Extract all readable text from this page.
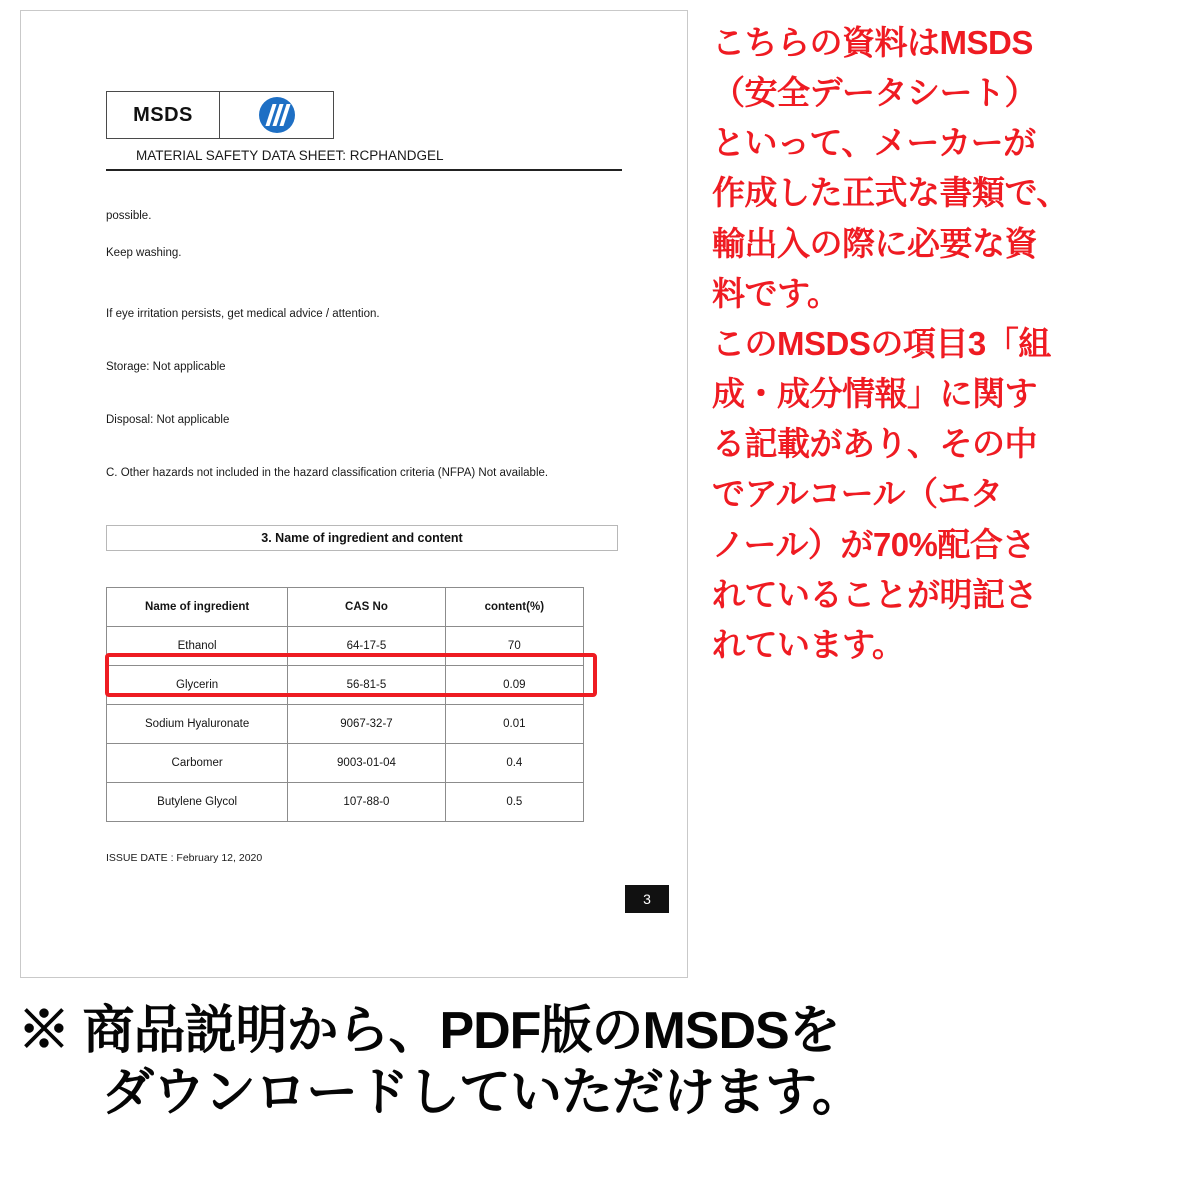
MSDS
MATERIAL SAFETY DATA SHEET: RCPHANDGEL
possible.
Keep washing.
If eye irritation persists, get medical advice / attention.
Storage: Not applicable
Disposal: Not applicable
C. Other hazards not included in the hazard classification criteria (NFPA) Not available.
3. Name of ingredient and content
Name of ingredient	CAS No	content(%)
Ethanol	64-17-5	70
Glycerin	56-81-5	0.09
Sodium Hyaluronate	9067-32-7	0.01
Carbomer	9003-01-04	0.4
Butylene Glycol	107-88-0	0.5
ISSUE DATE : February 12, 2020
3
こちらの資料はMSDS
（安全データシート）
といって、メーカーが
作成した正式な書類で、
輸出入の際に必要な資
料です。
このMSDSの項目3「組
成・成分情報」に関す
る記載があり、その中
でアルコール（エタ
ノール）が70%配合さ
れていることが明記さ
れています。
※ 商品説明から、PDF版のMSDSを
ダウンロードしていただけます。
